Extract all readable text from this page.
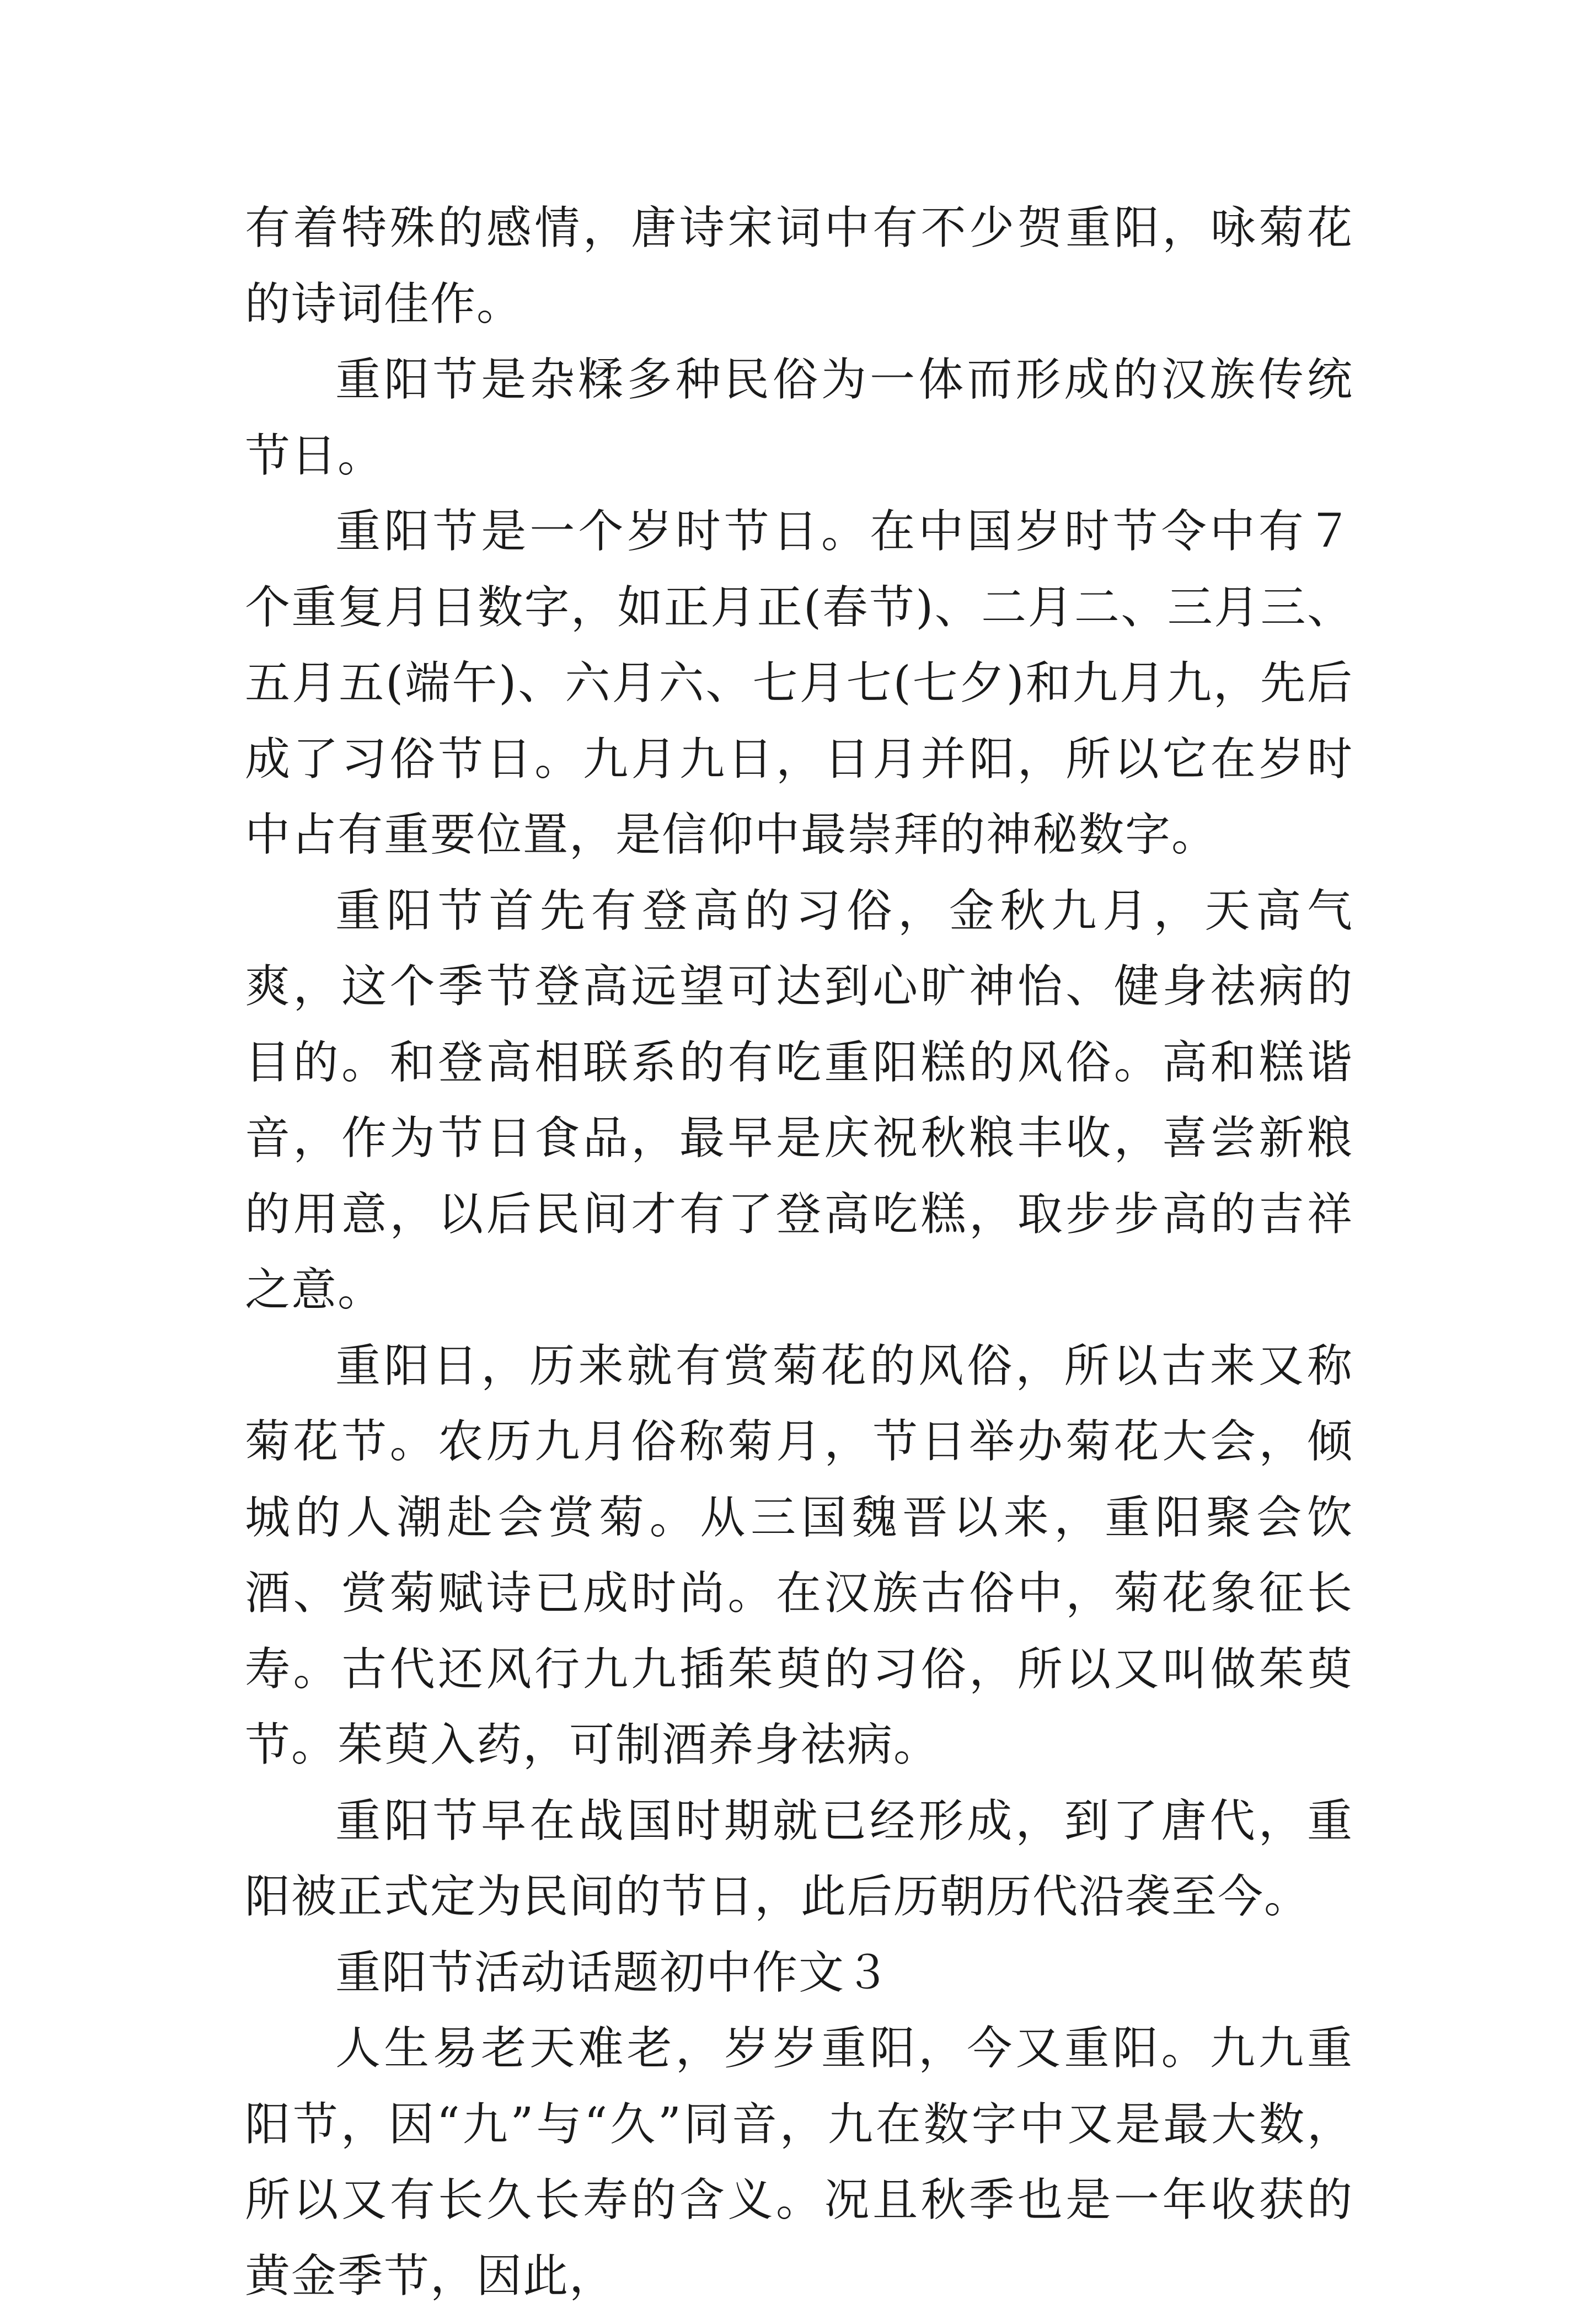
有着特殊的感情，唐诗宋词中有不少贺重阳，咏菊花的诗词佳作。

重阳节是杂糅多种民俗为一体而形成的汉族传统节日。

重阳节是一个岁时节日。在中国岁时节令中有７个重复月日数字，如正月正(春节)、二月二、三月三、五月五(端午)、六月六、七月七(七夕)和九月九，先后成了习俗节日。九月九日，日月并阳，所以它在岁时中占有重要位置，是信仰中最崇拜的神秘数字。

重阳节首先有登高的习俗，金秋九月，天高气爽，这个季节登高远望可达到心旷神怡、健身祛病的目的。和登高相联系的有吃重阳糕的风俗。高和糕谐音，作为节日食品，最早是庆祝秋粮丰收，喜尝新粮的用意，以后民间才有了登高吃糕，取步步高的吉祥之意。

重阳日，历来就有赏菊花的风俗，所以古来又称菊花节。农历九月俗称菊月，节日举办菊花大会，倾城的人潮赴会赏菊。从三国魏晋以来，重阳聚会饮酒、赏菊赋诗已成时尚。在汉族古俗中，菊花象征长寿。古代还风行九九插茱萸的习俗，所以又叫做茱萸节。茱萸入药，可制酒养身祛病。

重阳节早在战国时期就已经形成，到了唐代，重阳被正式定为民间的节日，此后历朝历代沿袭至今。

重阳节活动话题初中作文３

人生易老天难老，岁岁重阳，今又重阳。九九重阳节，因“九”与“久”同音，九在数字中又是最大数，所以又有长久长寿的含义。况且秋季也是一年收获的黄金季节，因此，
